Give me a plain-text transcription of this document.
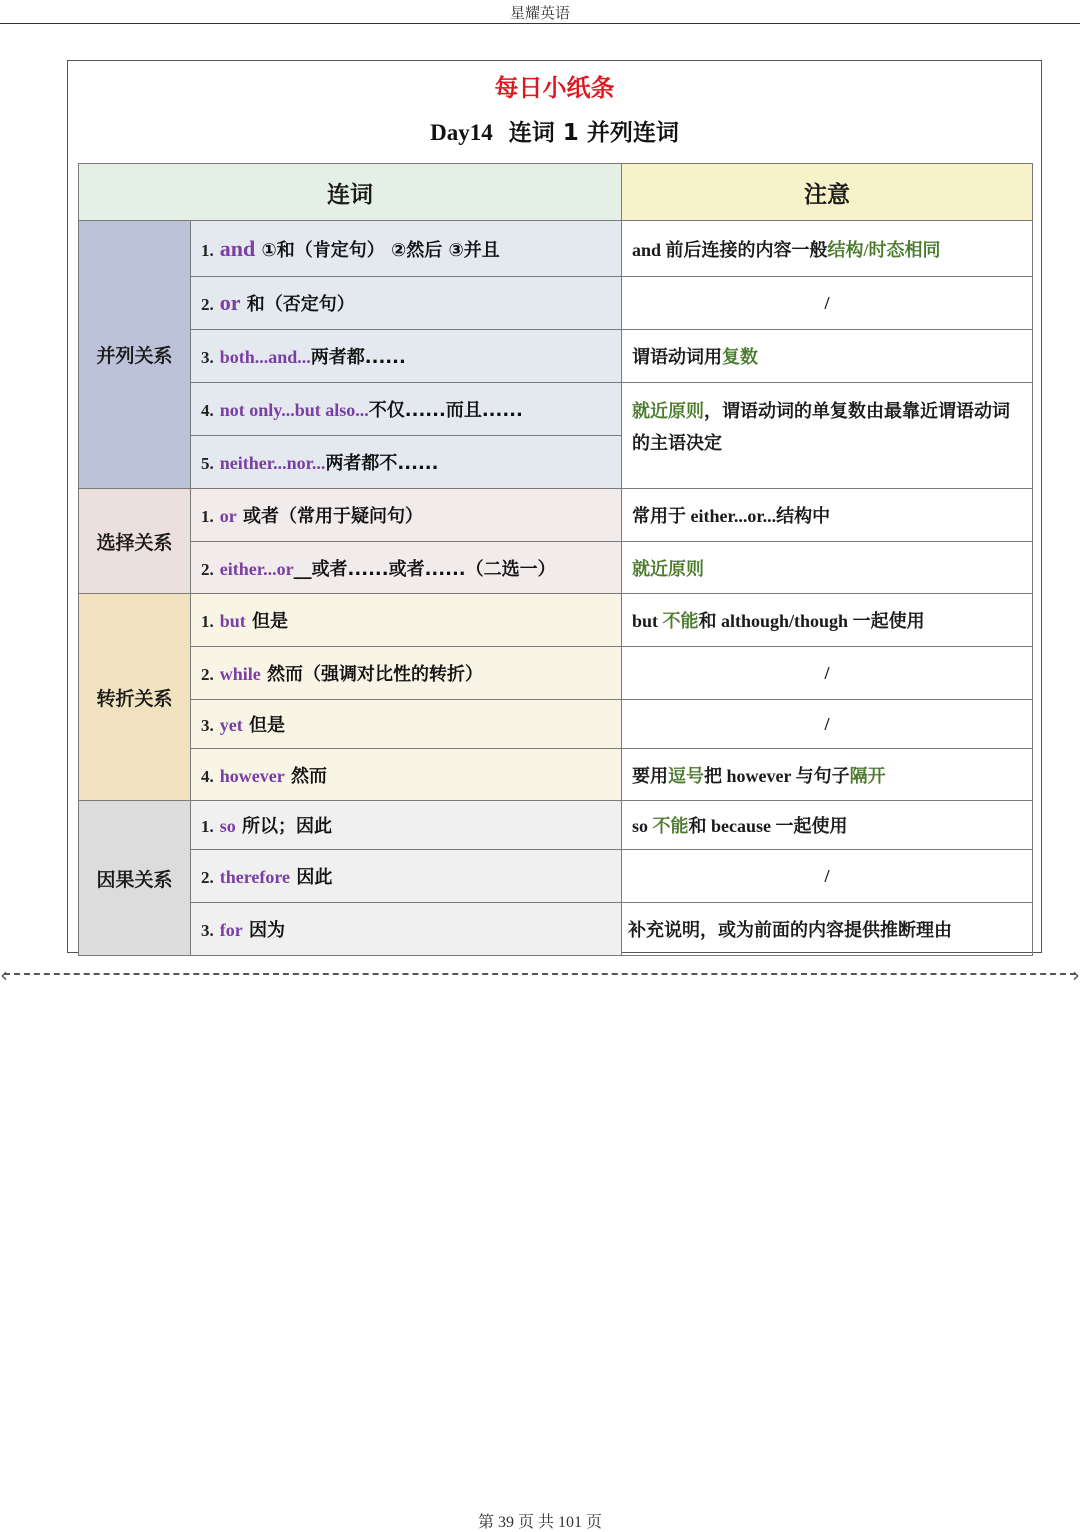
星耀英语
每日小纸条
Day14 连词 1 并列连词
连词		注意
并列关系	1. and ①和（肯定句） ②然后 ③并且	and 前后连接的内容一般结构/时态相同
	2. or 和（否定句）	/
	3. both...and...两者都......	谓语动词用复数
	4. not only...but also...不仅......而且......	就近原则，谓语动词的单复数由最靠近谓语动词的主语决定
	5. neither...nor...两者都不......	
选择关系	1. or 或者（常用于疑问句）	常用于 either...or...结构中
	2. either...or__或者......或者......（二选一）	就近原则
转折关系	1. but 但是	but 不能和 although/though 一起使用
	2. while 然而（强调对比性的转折）	/
	3. yet 但是	/
	4. however 然而	要用逗号把 however 与句子隔开
因果关系	1. so 所以；因此	so 不能和 because 一起使用
	2. therefore 因此	/
	3. for 因为	补充说明，或为前面的内容提供推断理由
‹	›
第 39 页 共 101 页
